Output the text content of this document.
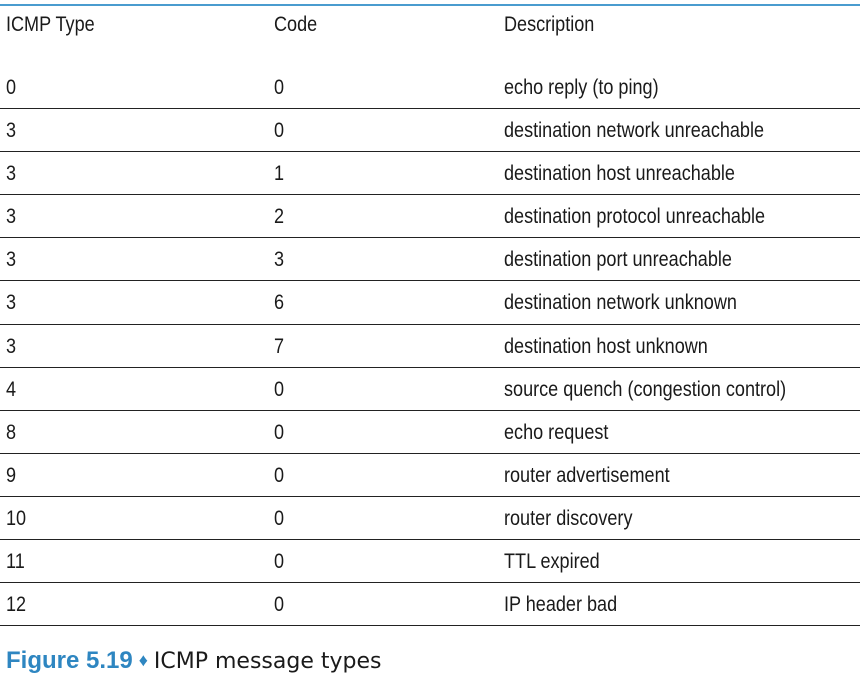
ICMP Type	Code	Description
0	0	echo reply (to ping)
3	0	destination network unreachable
3	1	destination host unreachable
3	2	destination protocol unreachable
3	3	destination port unreachable
3	6	destination network unknown
3	7	destination host unknown
4	0	source quench (congestion control)
8	0	echo request
9	0	router advertisement
10	0	router discovery
11	0	TTL expired
12	0	IP header bad
Figure 5.19 ♦ ICMP message types
